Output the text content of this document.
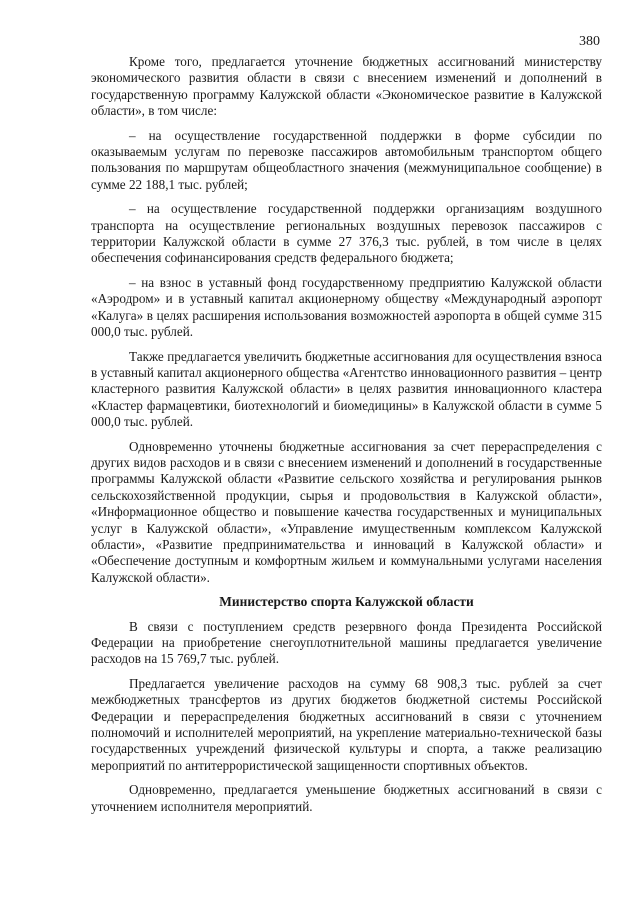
380

Кроме того, предлагается уточнение бюджетных ассигнований министерству экономического развития области в связи с внесением изменений и дополнений в государственную программу Калужской области «Экономическое развитие в Калужской области», в том числе:

– на осуществление государственной поддержки в форме субсидии по оказываемым услугам по перевозке пассажиров автомобильным транспортом общего пользования по маршрутам общеобластного значения (межмуниципальное сообщение) в сумме 22 188,1 тыс. рублей;

– на осуществление государственной поддержки организациям воздушного транспорта на осуществление региональных воздушных перевозок пассажиров с территории Калужской области в сумме 27 376,3 тыс. рублей, в том числе в целях обеспечения софинансирования средств федерального бюджета;

– на взнос в уставный фонд государственному предприятию Калужской области «Аэродром» и в уставный капитал акционерному обществу «Международный аэропорт «Калуга» в целях расширения использования возможностей аэропорта в общей сумме 315 000,0 тыс. рублей.

Также предлагается увеличить бюджетные ассигнования для осуществления взноса в уставный капитал акционерного общества «Агентство инновационного развития – центр кластерного развития Калужской области» в целях развития инновационного кластера «Кластер фармацевтики, биотехнологий и биомедицины» в Калужской области в сумме 5 000,0 тыс. рублей.

Одновременно уточнены бюджетные ассигнования за счет перераспределения с других видов расходов и в связи с внесением изменений и дополнений в государственные программы Калужской области «Развитие сельского хозяйства и регулирования рынков сельскохозяйственной продукции, сырья и продовольствия в Калужской области», «Информационное общество и повышение качества государственных и муниципальных услуг в Калужской области», «Управление имущественным комплексом Калужской области», «Развитие предпринимательства и инноваций в Калужской области» и «Обеспечение доступным и комфортным жильем и коммунальными услугами населения Калужской области».

Министерство спорта Калужской области

В связи с поступлением средств резервного фонда Президента Российской Федерации на приобретение снегоуплотнительной машины предлагается увеличение расходов на 15 769,7 тыс. рублей.

Предлагается увеличение расходов на сумму 68 908,3 тыс. рублей за счет межбюджетных трансфертов из других бюджетов бюджетной системы Российской Федерации и перераспределения бюджетных ассигнований в связи с уточнением полномочий и исполнителей мероприятий, на укрепление материально-технической базы государственных учреждений физической культуры и спорта, а также реализацию мероприятий по антитеррористической защищенности спортивных объектов.

Одновременно, предлагается уменьшение бюджетных ассигнований в связи с уточнением исполнителя мероприятий.
